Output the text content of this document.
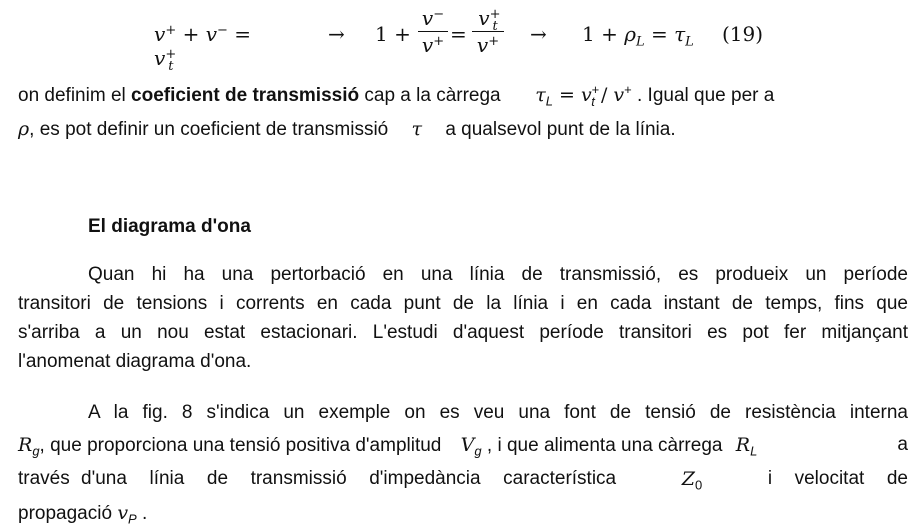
$v^+ + v^- = v^+_t$
→ 1 +
v−
v+ =
$v^+_t$
$v^+ \to 1 + \rho_L = \tau_L$ (19)
on definim el coeficient de transmissió cap a la càrrega $\tau_L = v^+_t / v^+$ . Igual que per a
ρ, es pot definir un coeficient de transmissió τ a qualsevol punt de la línia.
El diagrama d'ona
Quan hi ha una pertorbació en una línia de transmissió, es produeix un període
transitori de tensions i corrents en cada punt de la línia i en cada instant de temps, fins que
s'arriba a un nou estat estacionari. L'estudi d'aquest període transitori es pot fer mitjançant
l'anomenat diagrama d'ona.
A la fig. 8 s'indica un exemple on es veu una font de tensió de resistència interna
$R_g$, que proporciona una tensió positiva d'amplitud $V_g$ , i que alimenta una càrrega $R_L$	a
través d'una  línia  de  transmissió  d'impedància  característica	$Z_0$	i  velocitat  de
propagació $v_P$ .
